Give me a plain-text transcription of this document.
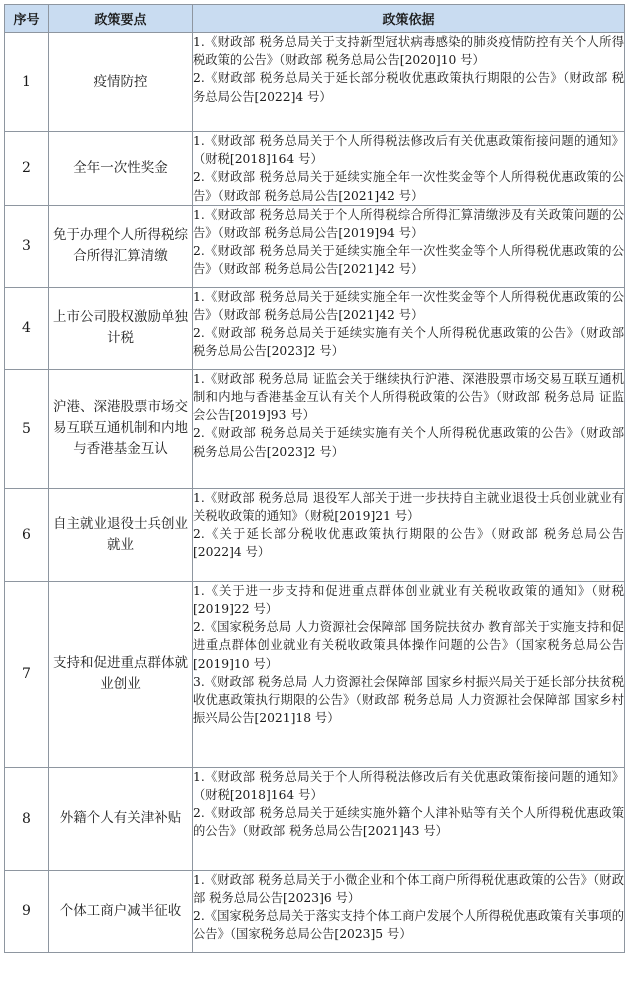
序号	政策要点	政策依据
1	疫情防控	1.《财政部 税务总局关于支持新型冠状病毒感染的肺炎疫情防控有关个人所得税政策的公告》（财政部 税务总局公告[2020]10 号）

2.《财政部 税务总局关于延长部分税收优惠政策执行期限的公告》（财政部 税务总局公告[2022]4 号）

2	全年一次性奖金	1.《财政部 税务总局关于个人所得税法修改后有关优惠政策衔接问题的通知》（财税[2018]164 号）

2.《财政部 税务总局关于延续实施全年一次性奖金等个人所得税优惠政策的公告》（财政部 税务总局公告[2021]42 号）

3	免于办理个人所得税综合所得汇算清缴	1.《财政部 税务总局关于个人所得税综合所得汇算清缴涉及有关政策问题的公告》（财政部 税务总局公告[2019]94 号）

2.《财政部 税务总局关于延续实施全年一次性奖金等个人所得税优惠政策的公告》（财政部 税务总局公告[2021]42 号）

4	上市公司股权激励单独计税	1.《财政部 税务总局关于延续实施全年一次性奖金等个人所得税优惠政策的公告》（财政部 税务总局公告[2021]42 号）

2.《财政部 税务总局关于延续实施有关个人所得税优惠政策的公告》（财政部 税务总局公告[2023]2 号）

5	沪港、深港股票市场交易互联互通机制和内地与香港基金互认	1.《财政部 税务总局 证监会关于继续执行沪港、深港股票市场交易互联互通机制和内地与香港基金互认有关个人所得税政策的公告》（财政部 税务总局 证监会公告[2019]93 号）

2.《财政部 税务总局关于延续实施有关个人所得税优惠政策的公告》（财政部 税务总局公告[2023]2 号）

6	自主就业退役士兵创业就业	1.《财政部 税务总局 退役军人部关于进一步扶持自主就业退役士兵创业就业有关税收政策的通知》（财税[2019]21 号）

2.《关于延长部分税收优惠政策执行期限的公告》（财政部 税务总局公告[2022]4 号）

7	支持和促进重点群体就业创业	1.《关于进一步支持和促进重点群体创业就业有关税收政策的通知》（财税[2019]22 号）

2.《国家税务总局 人力资源社会保障部 国务院扶贫办 教育部关于实施支持和促进重点群体创业就业有关税收政策具体操作问题的公告》（国家税务总局公告[2019]10 号）

3.《财政部 税务总局 人力资源社会保障部 国家乡村振兴局关于延长部分扶贫税收优惠政策执行期限的公告》（财政部 税务总局 人力资源社会保障部 国家乡村振兴局公告[2021]18 号）

8	外籍个人有关津补贴	1.《财政部 税务总局关于个人所得税法修改后有关优惠政策衔接问题的通知》（财税[2018]164 号）

2.《财政部 税务总局关于延续实施外籍个人津补贴等有关个人所得税优惠政策的公告》（财政部 税务总局公告[2021]43 号）

9	个体工商户减半征收	1.《财政部 税务总局关于小微企业和个体工商户所得税优惠政策的公告》（财政部 税务总局公告[2023]6 号）

2.《国家税务总局关于落实支持个体工商户发展个人所得税优惠政策有关事项的公告》（国家税务总局公告[2023]5 号）
